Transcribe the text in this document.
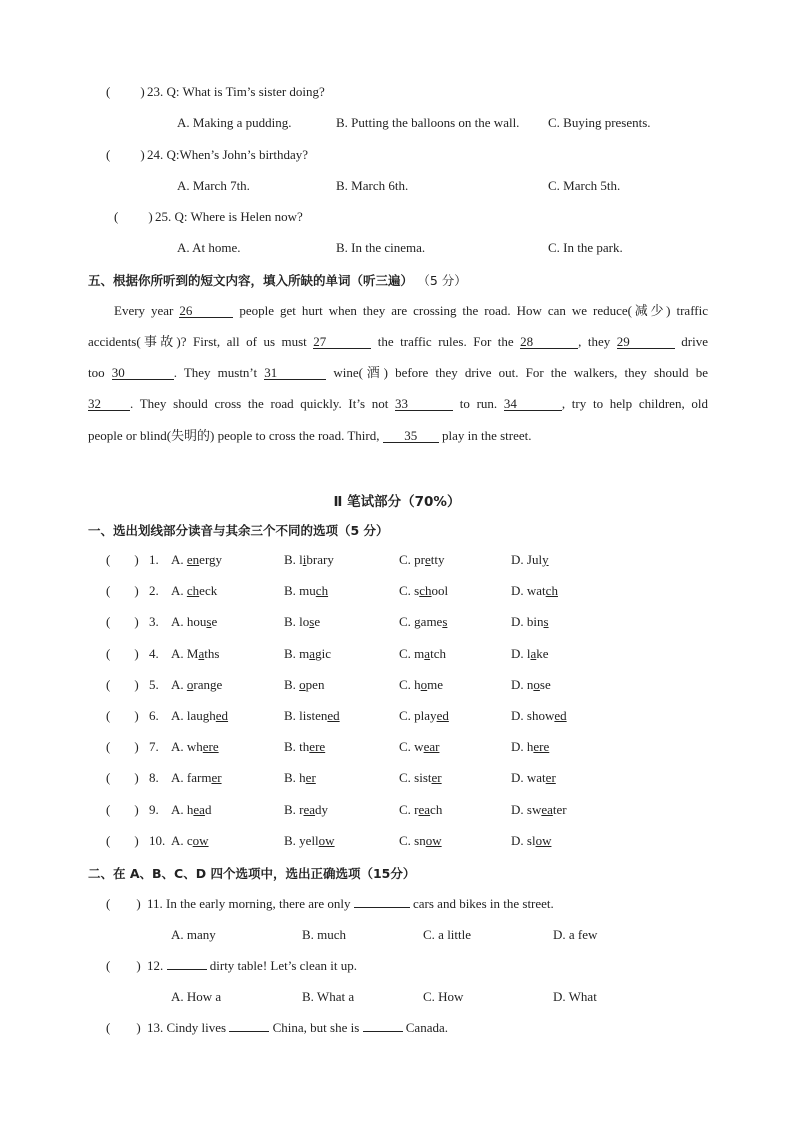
( ) 23. Q: What is Tim’s sister doing?
A. Making a pudding.	B. Putting the balloons on the wall. C. Buying presents.
( ) 24. Q:When’s John’s birthday?
A. March 7th.	B. March 6th.	C. March 5th.
( ) 25. Q: Where is Helen now?
A. At home.	B. In the cinema.	C. In the park.
五、根据你所听到的短文内容，填入所缺的单词（听三遍） （5 分）
Every year 26	people get hurt when they are crossing the road. How can we reduce(减少) traffic
accidents(事故)? First, all of us must 27	the traffic rules. For the 28	, they 29	drive
too 30	. They mustn’t 31	wine(酒) before they drive out. For the walkers, they should be
32 . They should cross the road quickly. It’s not 33	to run. 34	, try to help children, old
people or blind(失明的) people to cross the road. Third, 35 play in the street.
Ⅱ 笔试部分（70%）
一、选出划线部分读音与其余三个不同的选项（5 分）
( ) 1. A. energy	B. library	C. pretty	D. July
( ) 2. A. check	B. much	C. school	D. watch
( ) 3. A. house	B. lose	C. games	D. bins
( ) 4. A. Maths	B. magic	C. match	D. lake
( ) 5. A. orange	B. open	C. home	D. nose
( ) 6. A. laughed	B. listened	C. played	D. showed
( ) 7. A. where	B. there	C. wear	D. here
( ) 8. A. farmer	B. her	C. sister	D. water
( ) 9. A. head	B. ready	C. reach	D. sweater
( ) 10. A. cow	B. yellow	C. snow	D. slow
二、在 A、B、C、D 四个选项中，选出正确选项（15分）
( ) 11. In the early morning, there are only	cars and bikes in the street.
A. many	B. much	C. a little	D. a few
( ) 12.	dirty table! Let’s clean it up.
A. How a	B. What a	C. How	D. What
( ) 13. Cindy lives	China, but she is	Canada.
